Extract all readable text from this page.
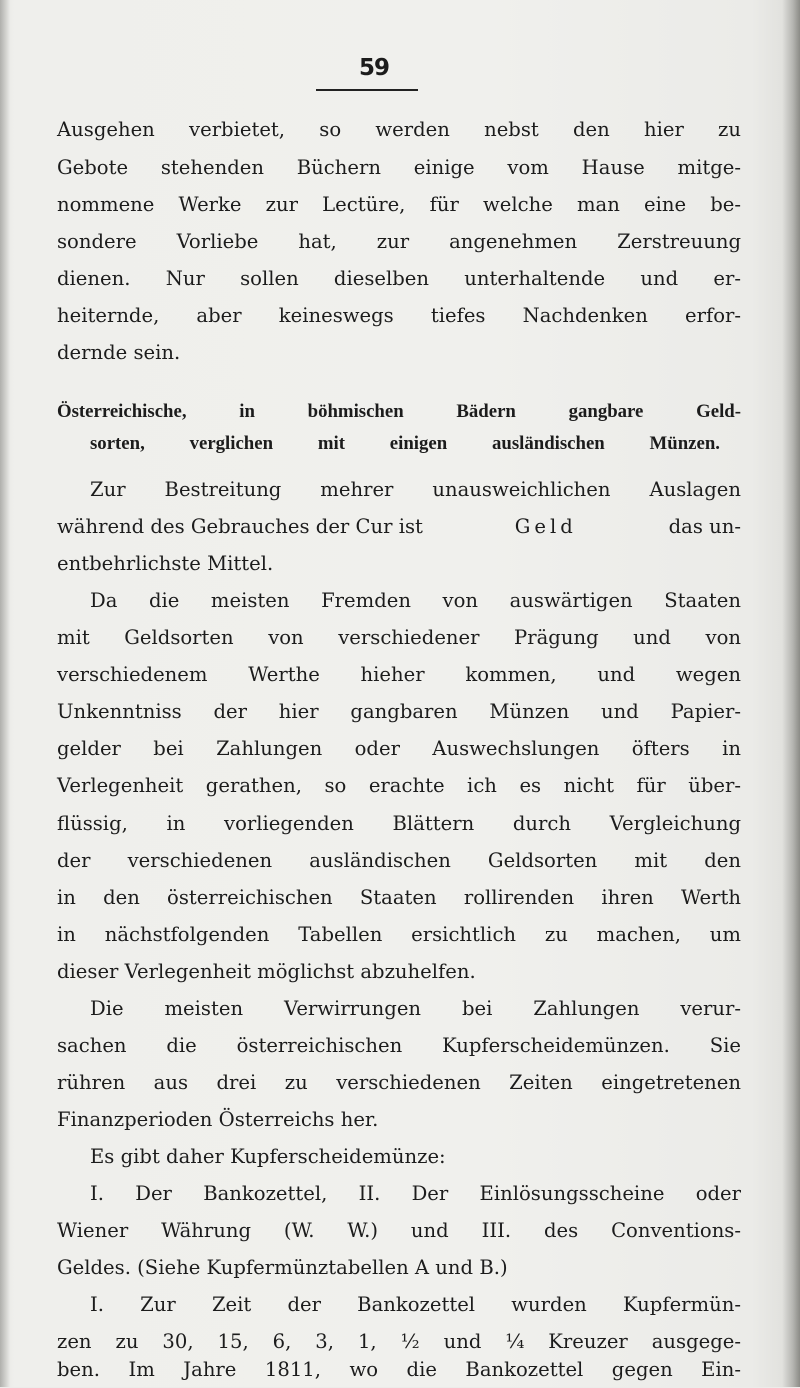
59
Ausgehen verbietet, so werden nebst den hier zu
Gebote stehenden Büchern einige vom Hause mitge-
nommene Werke zur Lectüre, für welche man eine be-
sondere Vorliebe hat, zur angenehmen Zerstreuung
dienen. Nur sollen dieselben unterhaltende und er-
heiternde, aber keineswegs tiefes Nachdenken erfor-
dernde sein.
Österreichische, in böhmischen Bädern gangbare Geld-
sorten, verglichen mit einigen ausländischen Münzen.
Zur Bestreitung mehrer unausweichlichen Auslagen
während des Gebrauches der Cur ist	Geld	das un-
entbehrlichste Mittel.
Da die meisten Fremden von auswärtigen Staaten
mit Geldsorten von verschiedener Prägung und von
verschiedenem Werthe hieher kommen, und wegen
Unkenntniss der hier gangbaren Münzen und Papier-
gelder bei Zahlungen oder Auswechslungen öfters in
Verlegenheit gerathen, so erachte ich es nicht für über-
flüssig, in vorliegenden Blättern durch Vergleichung
der verschiedenen ausländischen Geldsorten mit den
in den österreichischen Staaten rollirenden ihren Werth
in nächstfolgenden Tabellen ersichtlich zu machen, um
dieser Verlegenheit möglichst abzuhelfen.
Die meisten Verwirrungen bei Zahlungen verur-
sachen die österreichischen Kupferscheidemünzen. Sie
rühren aus drei zu verschiedenen Zeiten eingetretenen
Finanzperioden Österreichs her.
Es gibt daher Kupferscheidemünze:
I. Der Bankozettel, II. Der Einlösungsscheine oder
Wiener Währung (W. W.) und III. des Conventions-
Geldes. (Siehe Kupfermünztabellen A und B.)
I. Zur Zeit der Bankozettel wurden Kupfermün-
zen zu 30, 15, 6, 3, 1, ½ und ¼ Kreuzer ausgege-
ben. Im Jahre 1811, wo die Bankozettel gegen Ein-
